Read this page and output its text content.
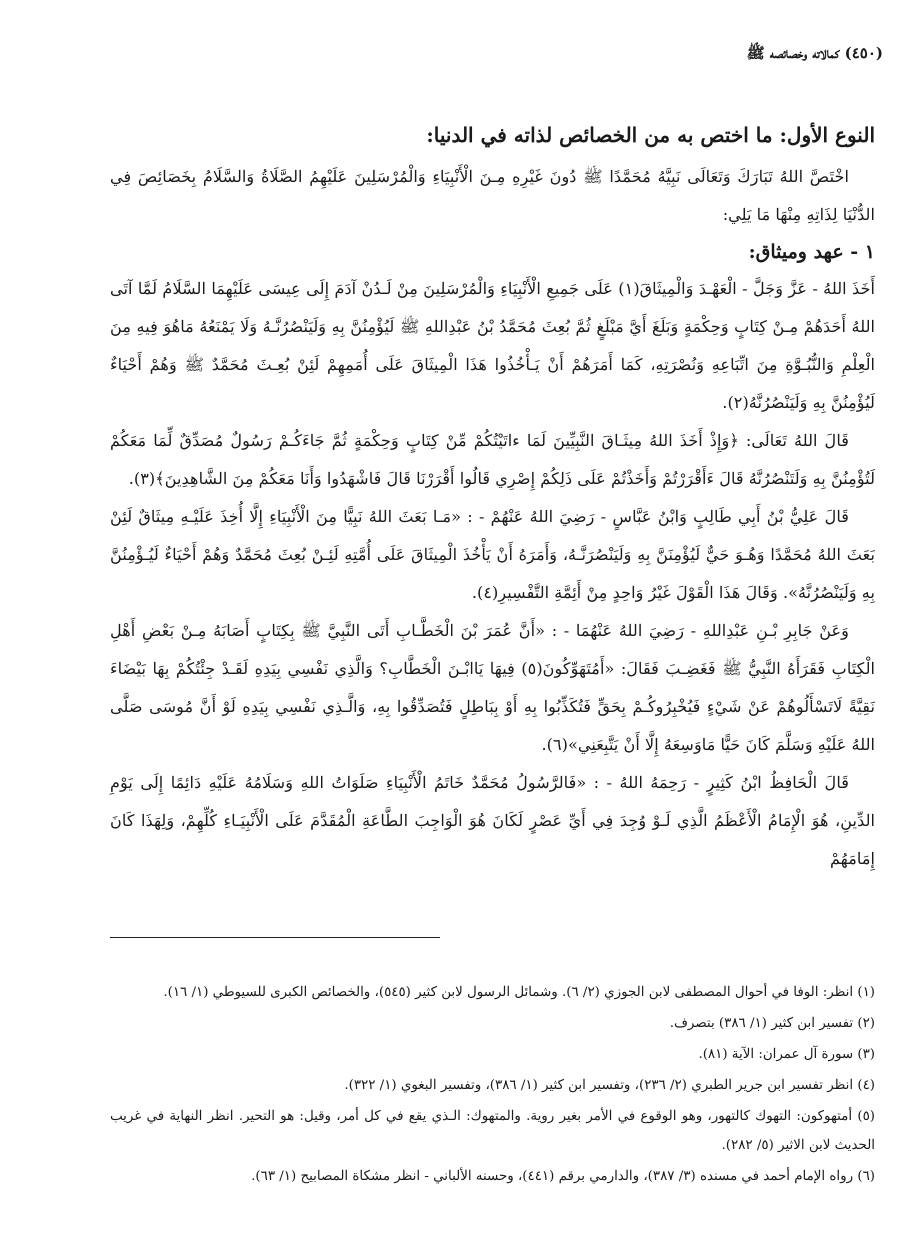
(٤٥٠) كمالاته وخصائصه ﷺ

النوع الأول: ما اختص به من الخصائص لذاته في الدنيا:

اخْتَصَّ اللهُ تَبَارَكَ وَتَعَالَى نَبِيَّهُ مُحَمَّدًا ﷺ دُونَ غَيْرِهِ مِـنَ الْأَنْبِيَاءِ وَالْمُرْسَلِينَ عَلَيْهِمُ الصَّلَاةُ وَالسَّلَامُ بِخَصَائِصَ فِي الدُّنْيَا لِذَاتِهِ مِنْهَا مَا يَلِي:

١ - عهد وميثاق:

أَخَذَ اللهُ - عَزَّ وَجَلَّ - الْعَهْـدَ وَالْمِيثَاقَ(١) عَلَى جَمِيعِ الْأَنْبِيَاءِ وَالْمُرْسَلِينَ مِنْ لَـدُنْ آدَمَ إِلَى عِيسَى عَلَيْهِمَا السَّلَامُ لَمَّا آتَى اللهُ أَحَدَهُمْ مِـنْ كِتَابٍ وَحِكْمَةٍ وَبَلَغَ أَيَّ مَبْلَغٍ ثُمَّ بُعِثَ مُحَمَّدُ بْنُ عَبْدِاللهِ ﷺ لَيُؤْمِنُنَّ بِهِ وَلَيَنْصُرُنَّـهُ وَلَا يَمْنَعُهُ مَاهُوَ فِيهِ مِنَ الْعِلْمِ وَالنُّبُـوَّةِ مِنَ اتِّبَاعِهِ وَنُصْرَتِهِ، كَمَا أَمَرَهُمْ أَنْ يَـأْخُذُوا هَذَا الْمِيثَاقَ عَلَى أُمَمِهِمْ لَئِنْ بُعِـثَ مُحَمَّدٌ ﷺ وَهُمْ أَحْيَاءٌ لَيُؤْمِنُنَّ بِهِ وَلَيَنْصُرُنَّهُ(٢).

قَالَ اللهُ تَعَالَى: ﴿وَإِذْ أَخَذَ اللهُ مِيثَـاقَ النَّبِيِّينَ لَمَا ءاتَيْتُكُمْ مِّنْ كِتَابٍ وَحِكْمَةٍ ثُمَّ جَاءَكُـمْ رَسُولٌ مُصَدِّقٌ لِّمَا مَعَكُمْ لَتُؤْمِنُنَّ بِهِ وَلَتَنْصُرُنَّهُ قَالَ ءَأَقْرَرْتُمْ وَأَخَذْتُمْ عَلَى ذَلِكُمْ إِصْرِي قَالُوا أَقْرَرْنَا قَالَ فَاشْهَدُوا وَأَنَا مَعَكُمْ مِنَ الشَّاهِدِينَ﴾(٣).

قَالَ عَلِيُّ بْنُ أَبِي طَالِبٍ وَابْنُ عَبَّاسٍ - رَضِيَ اللهُ عَنْهُمْ - : «مَـا بَعَثَ اللهُ نَبِيًّا مِنَ الْأَنْبِيَاءِ إِلَّا أُخِذَ عَلَيْـهِ مِيثَاقٌ لَئِنْ بَعَثَ اللهُ مُحَمَّدًا وَهُـوَ حَيٌّ لَيُؤْمِنَنَّ بِهِ وَلَيَنْصُرَنَّـهُ، وَأَمَرَهُ أَنْ يَأْخُذَ الْمِيثَاقَ عَلَى أُمَّتِهِ لَئِـنْ بُعِثَ مُحَمَّدٌ وَهُمْ أَحْيَاءٌ لَيُـؤْمِنُنَّ بِهِ وَلَيَنْصُرُنَّهُ». وَقَالَ هَذَا الْقَوْلَ غَيْرُ وَاحِدٍ مِنْ أَئِمَّةِ التَّفْسِيرِ(٤).

وَعَنْ جَابِرِ بْـنِ عَبْدِاللهِ - رَضِيَ اللهُ عَنْهُمَا - : «أَنَّ عُمَرَ بْنَ الْخَطَّـابِ أَتَى النَّبِيَّ ﷺ بِكِتَابٍ أَصَابَهُ مِـنْ بَعْضِ أَهْلِ الْكِتَابِ فَقَرَأَهُ النَّبِيُّ ﷺ فَغَضِـبَ فَقَالَ: «أَمُتَهَوِّكُونَ(٥) فِيهَا يَاابْـنَ الْخَطَّابِ؟ وَالَّذِي نَفْسِي بِيَدِهِ لَقَـدْ جِئْتُكُمْ بِهَا بَيْضَاءَ نَقِيَّةً لَاتَسْأَلُوهُمْ عَنْ شَيْءٍ فَيُخْبِرُوكُـمْ بِحَقٍّ فَتُكَذِّبُوا بِهِ أَوْ بِبَاطِلٍ فَتُصَدِّقُوا بِهِ، وَالَّـذِي نَفْسِي بِيَدِهِ لَوْ أَنَّ مُوسَى صَلَّى اللهُ عَلَيْهِ وَسَلَّمَ كَانَ حَيًّا مَاوَسِعَهُ إِلَّا أَنْ يَتَّبِعَنِي»(٦).

قَالَ الْحَافِظُ ابْنُ كَثِيرٍ - رَحِمَهُ اللهُ - : «فَالرَّسُولُ مُحَمَّدٌ خَاتَمُ الْأَنْبِيَاءِ صَلَوَاتُ اللهِ وَسَلَامُهُ عَلَيْهِ دَائِمًا إِلَى يَوْمِ الدِّينِ، هُوَ الْإِمَامُ الْأَعْظَمُ الَّذِي لَـوْ وُجِدَ فِي أَيِّ عَصْرٍ لَكَانَ هُوَ الْوَاجِبَ الطَّاعَةِ الْمُقَدَّمَ عَلَى الْأَنْبِيَـاءِ كُلِّهِمْ، وَلِهَذَا كَانَ إِمَامَهُمْ

(١) انظر: الوفا في أحوال المصطفى لابن الجوزي (٢/ ٦). وشمائل الرسول لابن كثير (٥٤٥)، والخصائص الكبرى للسيوطي (١/ ١٦).

(٢) تفسير ابن كثير (١/ ٣٨٦) بتصرف.

(٣) سورة آل عمران: الآية (٨١).

(٤) انظر تفسير ابن جرير الطبري (٢/ ٢٣٦)، وتفسير ابن كثير (١/ ٣٨٦)، وتفسير البغوي (١/ ٣٢٢).

(٥) أمتهوكون: التهوك كالتهور، وهو الوقوع في الأمر بغير روية. والمتهوك: الـذي يقع في كل أمر، وقيل: هو التحير. انظر النهاية في غريب الحديث لابن الاثير (٥/ ٢٨٢).

(٦) رواه الإمام أحمد في مسنده (٣/ ٣٨٧)، والدارمي برقم (٤٤١)، وحسنه الألباني - انظر مشكاة المصابيح (١/ ٦٣).
